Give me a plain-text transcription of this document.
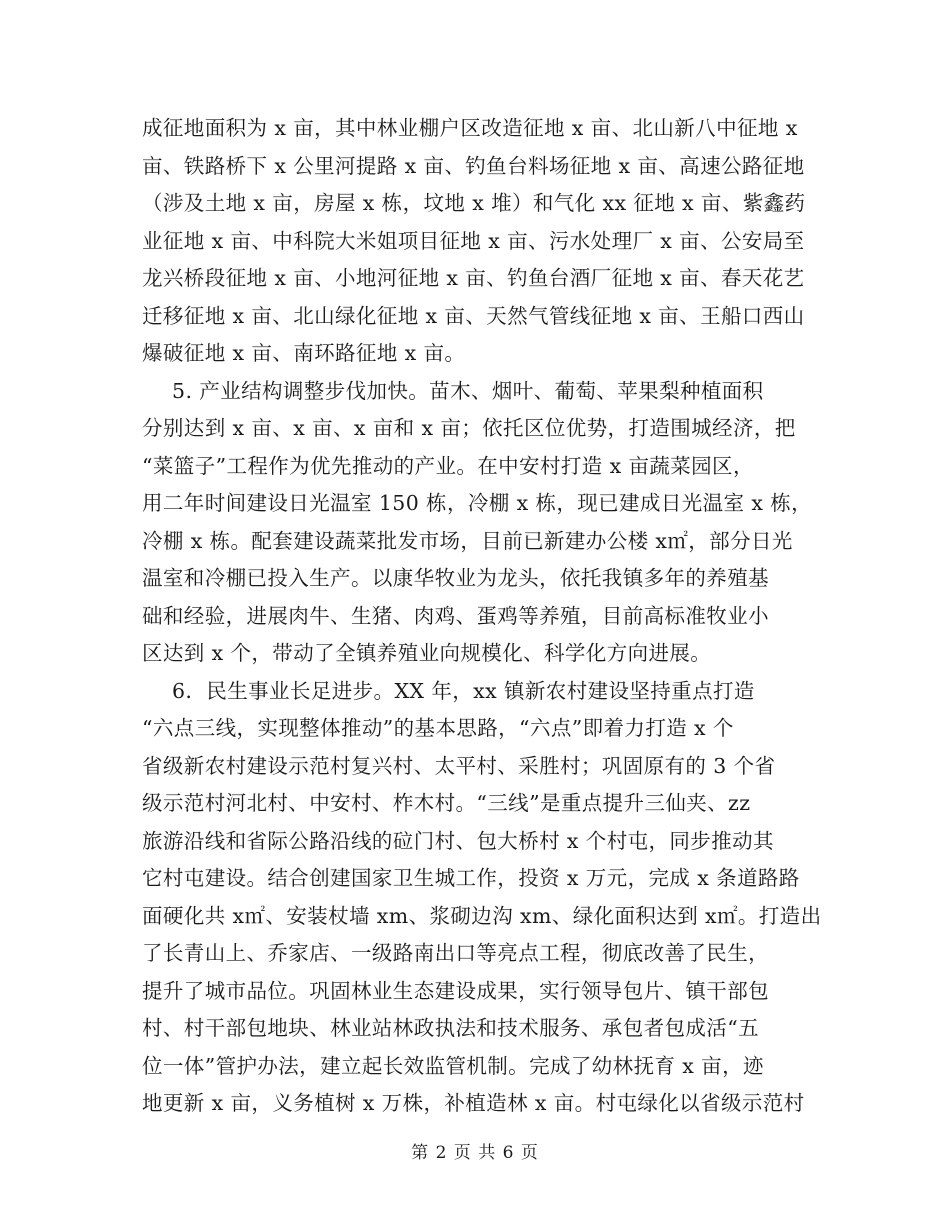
成征地面积为 x 亩，其中林业棚户区改造征地 x 亩、北山新八中征地 x
亩、铁路桥下 x 公里河提路 x 亩、钓鱼台料场征地 x 亩、高速公路征地
（涉及土地 x 亩，房屋 x 栋，坟地 x 堆）和气化 xx 征地 x 亩、紫鑫药
业征地 x 亩、中科院大米姐项目征地 x 亩、污水处理厂 x 亩、公安局至
龙兴桥段征地 x 亩、小地河征地 x 亩、钓鱼台酒厂征地 x 亩、春天花艺
迁移征地 x 亩、北山绿化征地 x 亩、天然气管线征地 x 亩、王船口西山
爆破征地 x 亩、南环路征地 x 亩。
5. 产业结构调整步伐加快。苗木、烟叶、葡萄、苹果梨种植面积
分别达到 x 亩、x 亩、x 亩和 x 亩；依托区位优势，打造围城经济，把
“菜篮子”工程作为优先推动的产业。在中安村打造 x 亩蔬菜园区，
用二年时间建设日光温室 150 栋，冷棚 x 栋，现已建成日光温室 x 栋，
冷棚 x 栋。配套建设蔬菜批发市场，目前已新建办公楼 x㎡，部分日光
温室和冷棚已投入生产。以康华牧业为龙头，依托我镇多年的养殖基
础和经验，进展肉牛、生猪、肉鸡、蛋鸡等养殖，目前高标准牧业小
区达到 x 个，带动了全镇养殖业向规模化、科学化方向进展。
6．民生事业长足进步。XX 年，xx 镇新农村建设坚持重点打造
“六点三线，实现整体推动”的基本思路，“六点”即着力打造 x 个
省级新农村建设示范村复兴村、太平村、采胜村；巩固原有的 3 个省
级示范村河北村、中安村、柞木村。“三线”是重点提升三仙夹、zz
旅游沿线和省际公路沿线的砬门村、包大桥村 x 个村屯，同步推动其
它村屯建设。结合创建国家卫生城工作，投资 x 万元，完成 x 条道路路
面硬化共 x㎡、安装杖墙 xm、浆砌边沟 xm、绿化面积达到 x㎡。打造出
了长青山上、乔家店、一级路南出口等亮点工程，彻底改善了民生，
提升了城市品位。巩固林业生态建设成果，实行领导包片、镇干部包
村、村干部包地块、林业站林政执法和技术服务、承包者包成活“五
位一体”管护办法，建立起长效监管机制。完成了幼林抚育 x 亩，迹
地更新 x 亩，义务植树 x 万株，补植造林 x 亩。村屯绿化以省级示范村
第 2 页 共 6 页
